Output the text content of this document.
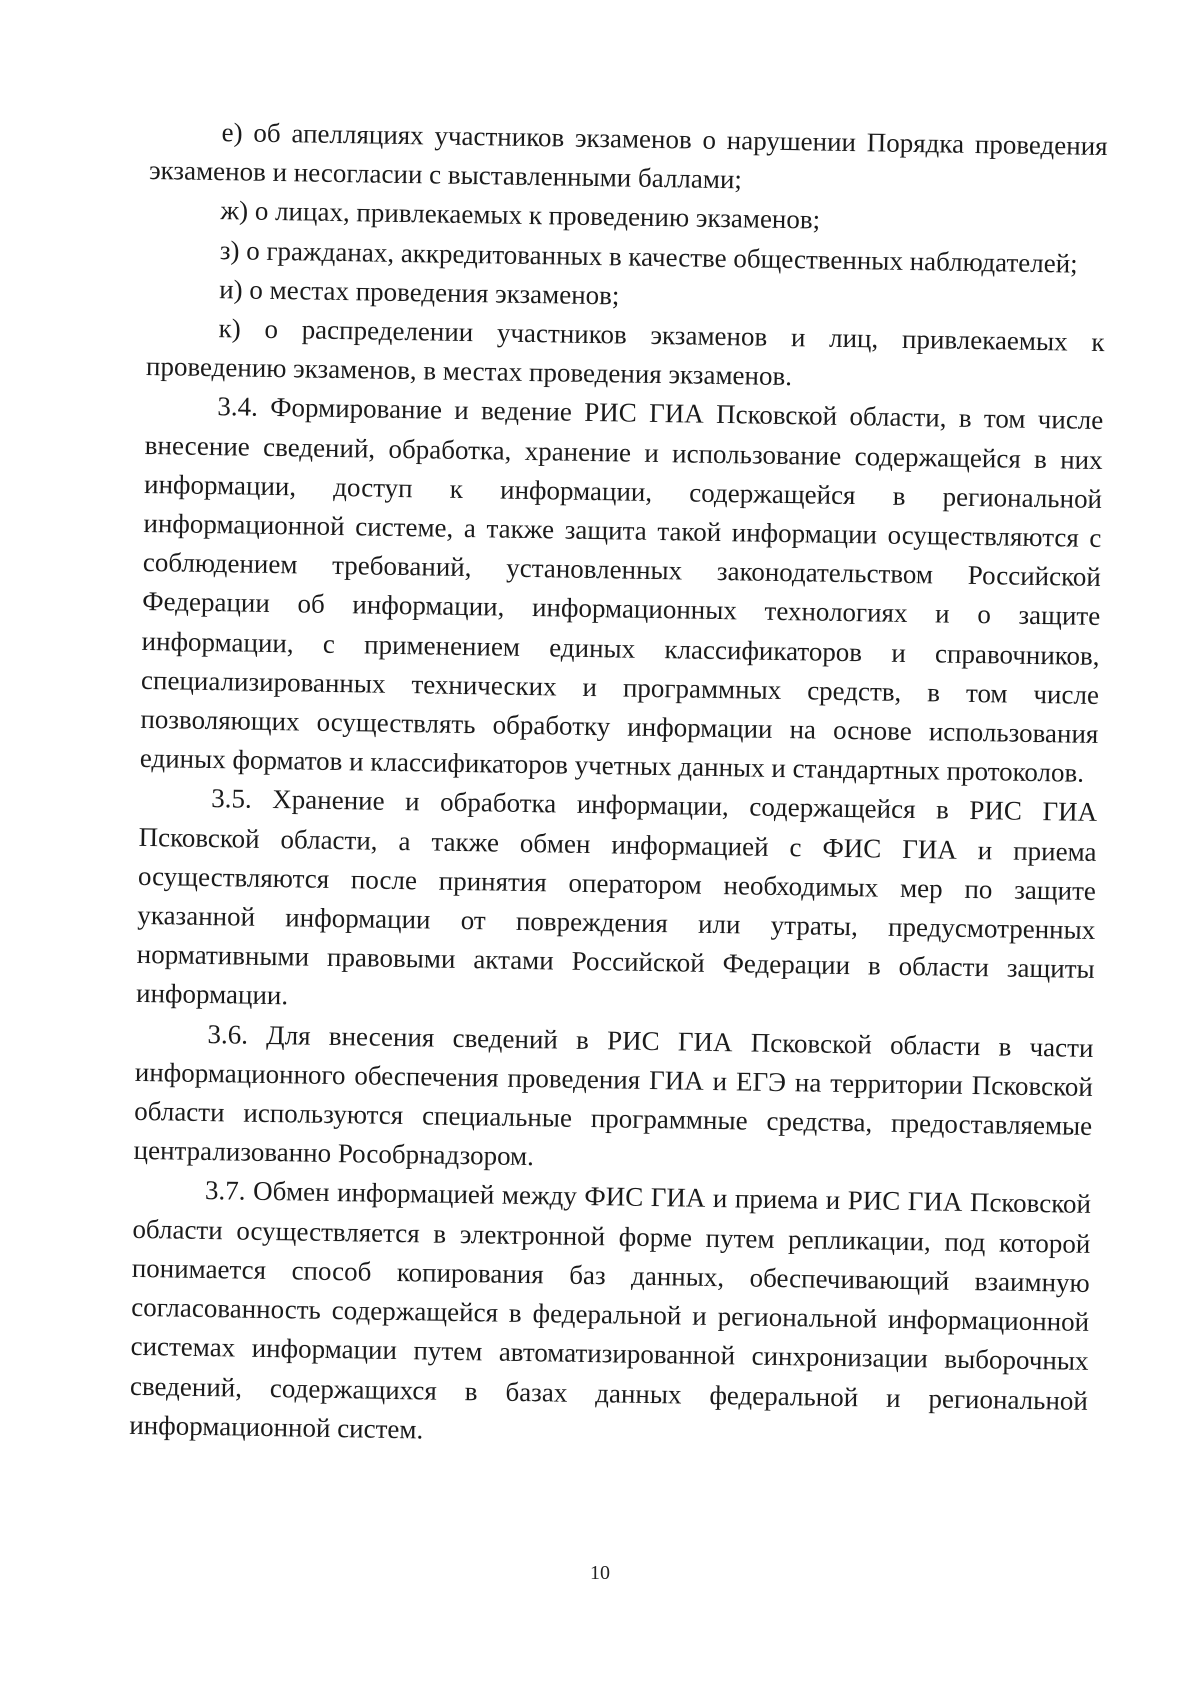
е) об апелляциях участников экзаменов о нарушении Порядка проведения экзаменов и несогласии с выставленными баллами;

ж) о лицах, привлекаемых к проведению экзаменов;

з) о гражданах, аккредитованных в качестве общественных наблюдателей;

и) о местах проведения экзаменов;

к) о распределении участников экзаменов и лиц, привлекаемых к проведению экзаменов, в местах проведения экзаменов.

3.4. Формирование и ведение РИС ГИА Псковской области, в том числе внесение сведений, обработка, хранение и использование содержащейся в них информации, доступ к информации, содержащейся в региональной информационной системе, а также защита такой информации осуществляются с соблюдением требований, установленных законодательством Российской Федерации об информации, информационных технологиях и о защите информации, с применением единых классификаторов и справочников, специализированных технических и программных средств, в том числе позволяющих осуществлять обработку информации на основе использования единых форматов и классификаторов учетных данных и стандартных протоколов.

3.5. Хранение и обработка информации, содержащейся в РИС ГИА Псковской области, а также обмен информацией с ФИС ГИА и приема осуществляются после принятия оператором необходимых мер по защите указанной информации от повреждения или утраты, предусмотренных нормативными правовыми актами Российской Федерации в области защиты информации.

3.6. Для внесения сведений в РИС ГИА Псковской области в части информационного обеспечения проведения ГИА и ЕГЭ на территории Псковской области используются специальные программные средства, предоставляемые централизованно Рособрнадзором.

3.7. Обмен информацией между ФИС ГИА и приема и РИС ГИА Псковской области осуществляется в электронной форме путем репликации, под которой понимается способ копирования баз данных, обеспечивающий взаимную согласованность содержащейся в федеральной и региональной информационной системах информации путем автоматизированной синхронизации выборочных сведений, содержащихся в базах данных федеральной и региональной информационной систем.

10
